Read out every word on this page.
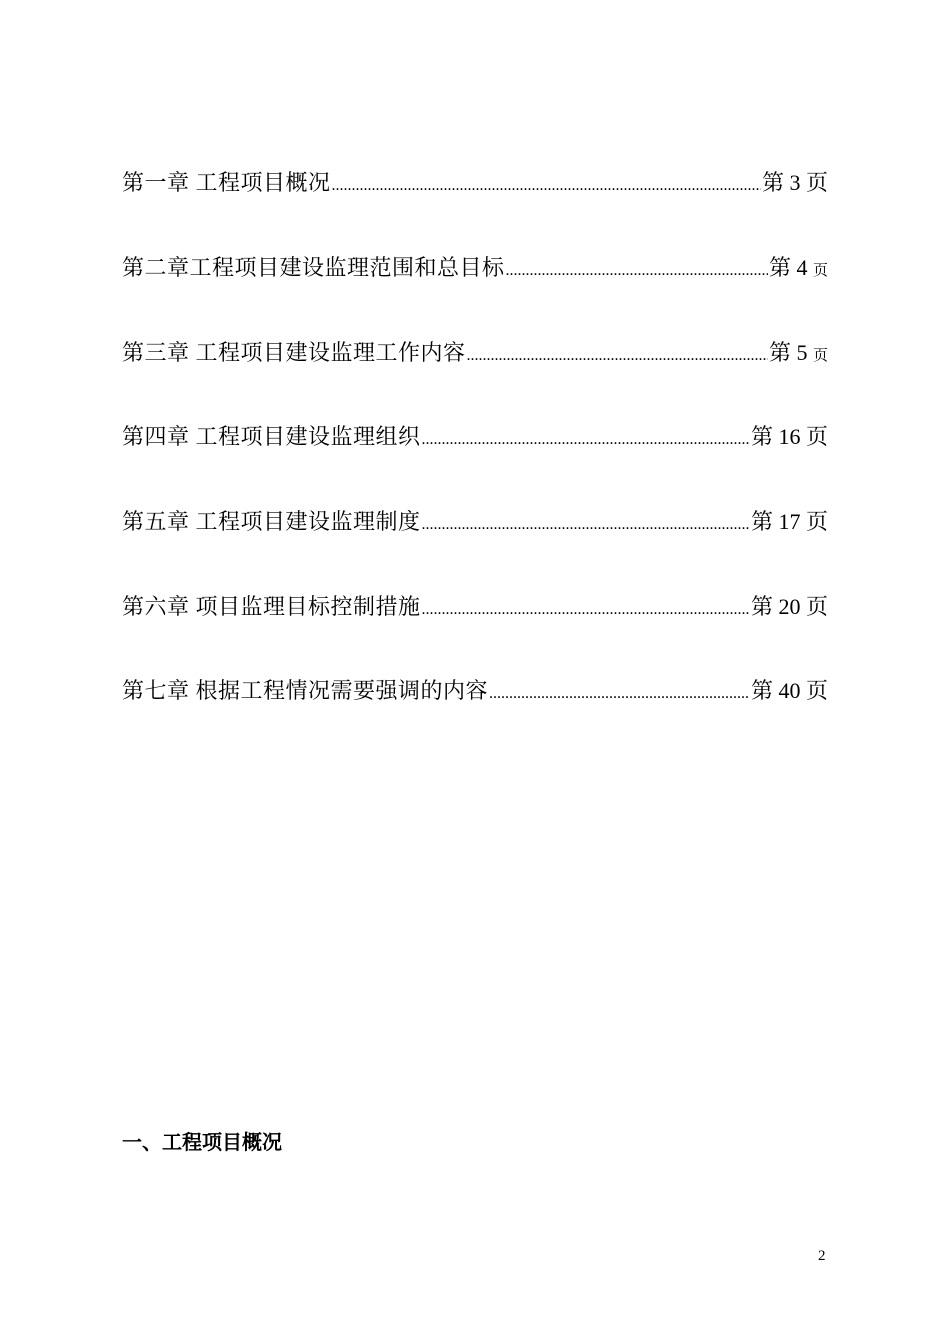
第一章 工程项目概况 .....	第 3 页
第二章工程项目建设监理范围和总目标 .....	第 4 页
第三章 工程项目建设监理工作内容 .....	第 5 页
第四章 工程项目建设监理组织 .....	第 16 页
第五章 工程项目建设监理制度 .....	第 17 页
第六章 项目监理目标控制措施 .....	第 20 页
第七章 根据工程情况需要强调的内容 .....	第 40 页
一、工程项目概况
2
